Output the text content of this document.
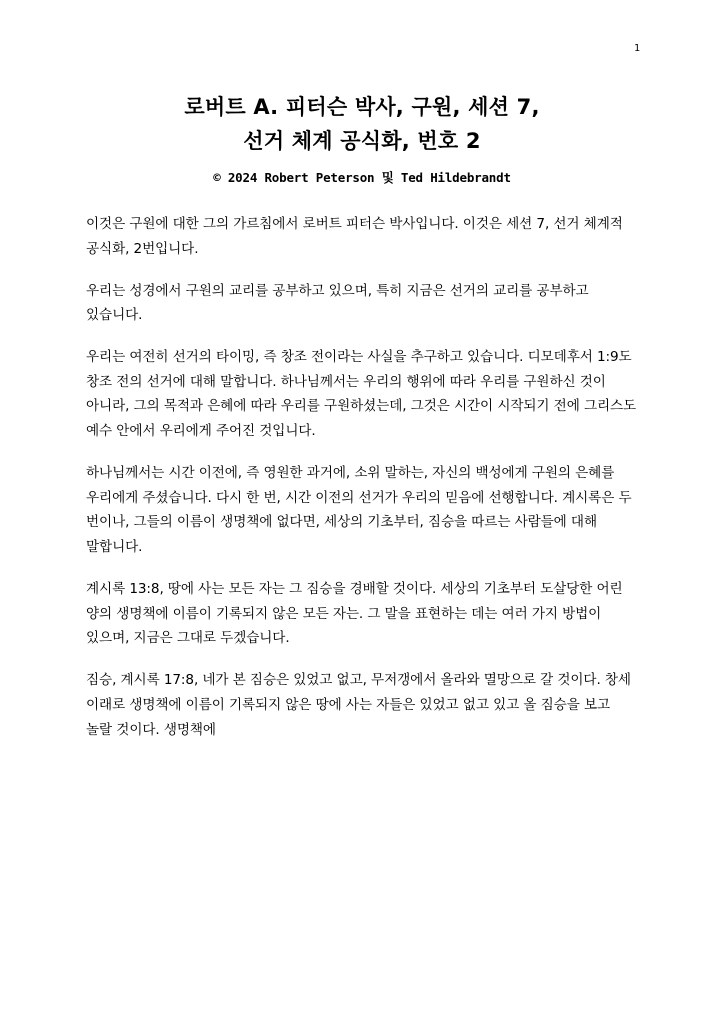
1
로버트 A. 피터슨 박사, 구원, 세션 7,
선거 체계 공식화, 번호 2
© 2024 Robert Peterson 및 Ted Hildebrandt

이것은 구원에 대한 그의 가르침에서 로버트 피터슨 박사입니다. 이것은 세션 7, 선거 체계적 공식화, 2번입니다.

우리는 성경에서 구원의 교리를 공부하고 있으며, 특히 지금은 선거의 교리를 공부하고 있습니다.

우리는 여전히 선거의 타이밍, 즉 창조 전이라는 사실을 추구하고 있습니다. 디모데후서 1:9도 창조 전의 선거에 대해 말합니다. 하나님께서는 우리의 행위에 따라 우리를 구원하신 것이 아니라, 그의 목적과 은혜에 따라 우리를 구원하셨는데, 그것은 시간이 시작되기 전에 그리스도 예수 안에서 우리에게 주어진 것입니다.

하나님께서는 시간 이전에, 즉 영원한 과거에, 소위 말하는, 자신의 백성에게 구원의 은혜를 우리에게 주셨습니다. 다시 한 번, 시간 이전의 선거가 우리의 믿음에 선행합니다. 계시록은 두 번이나, 그들의 이름이 생명책에 없다면, 세상의 기초부터, 짐승을 따르는 사람들에 대해 말합니다.

계시록 13:8, 땅에 사는 모든 자는 그 짐승을 경배할 것이다. 세상의 기초부터 도살당한 어린 양의 생명책에 이름이 기록되지 않은 모든 자는. 그 말을 표현하는 데는 여러 가지 방법이 있으며, 지금은 그대로 두겠습니다.

짐승, 계시록 17:8, 네가 본 짐승은 있었고 없고, 무저갱에서 올라와 멸망으로 갈 것이다. 창세 이래로 생명책에 이름이 기록되지 않은 땅에 사는 자들은 있었고 없고 있고 올 짐승을 보고 놀랄 것이다. 생명책에
